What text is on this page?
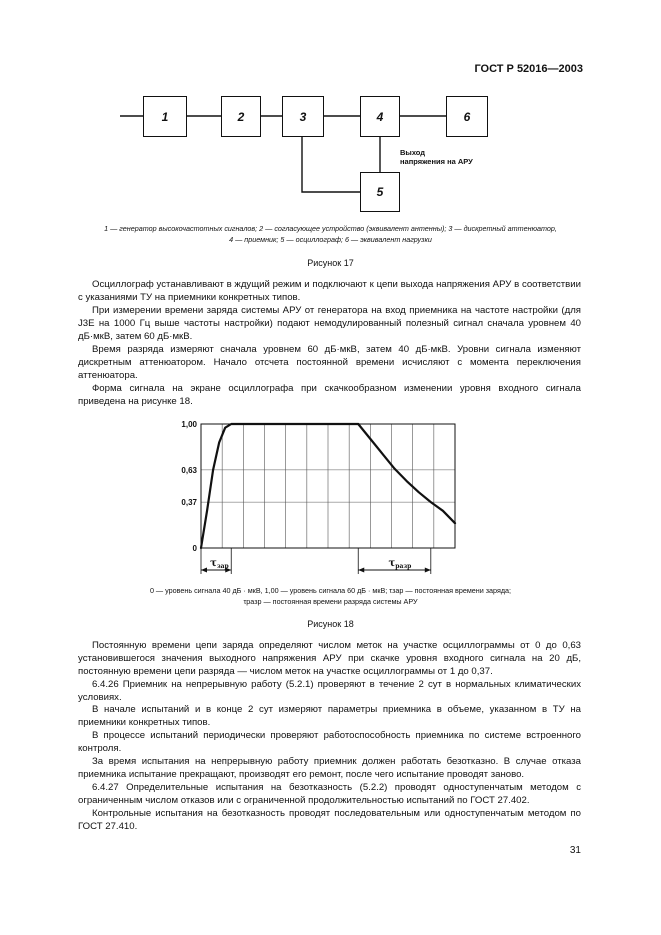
ГОСТ Р 52016—2003
1	2	3	4	6
5
Выход
напряжения на АРУ
1 — генератор высокочастотных сигналов; 2 — согласующее устройство (эквивалент антенны); 3 — дискретный аттенюатор,
4 — приемник; 5 — осциллограф; 6 — эквивалент нагрузки
Рисунок 17

Осциллограф устанавливают в ждущий режим и подключают к цепи выхода напряжения АРУ в соответствии с указаниями ТУ на приемники конкретных типов.

При измерении времени заряда системы АРУ от генератора на вход приемника на частоте настройки (для J3E на 1000 Гц выше частоты настройки) подают немодулированный полезный сигнал сначала уровнем 40 дБ·мкВ, затем 60 дБ·мкВ.

Время разряда измеряют сначала уровнем 60 дБ·мкВ, затем 40 дБ·мкВ. Уровни сигнала изменяют дискретным аттенюатором. Начало отсчета постоянной времени исчисляют с момента переключения аттенюатора.

Форма сигнала на экране осциллографа при скачкообразном изменении уровня входного сигнала приведена на рисунке 18.

1,00
0,63
0,37
0
$\tau_{зар}$	$\tau_{разр}$
0 — уровень сигнала 40 дБ · мкВ, 1,00 — уровень сигнала 60 дБ · мкВ; τзар — постоянная времени заряда;
τразр — постоянная времени разряда системы АРУ
Рисунок 18

Постоянную времени цепи заряда определяют числом меток на участке осциллограммы от 0 до 0,63 установившегося значения выходного напряжения АРУ при скачке уровня входного сигнала на 20 дБ, постоянную времени цепи разряда — числом меток на участке осциллограммы от 1 до 0,37.

6.4.26 Приемник на непрерывную работу (5.2.1) проверяют в течение 2 сут в нормальных климатических условиях.

В начале испытаний и в конце 2 сут измеряют параметры приемника в объеме, указанном в ТУ на приемники конкретных типов.

В процессе испытаний периодически проверяют работоспособность приемника по системе встроенного контроля.

За время испытания на непрерывную работу приемник должен работать безотказно. В случае отказа приемника испытание прекращают, производят его ремонт, после чего испытание проводят заново.

6.4.27 Определительные испытания на безотказность (5.2.2) проводят одноступенчатым методом с ограниченным числом отказов или с ограниченной продолжительностью испытаний по ГОСТ 27.402.

Контрольные испытания на безотказность проводят последовательным или одноступенчатым методом по ГОСТ 27.410.

31
